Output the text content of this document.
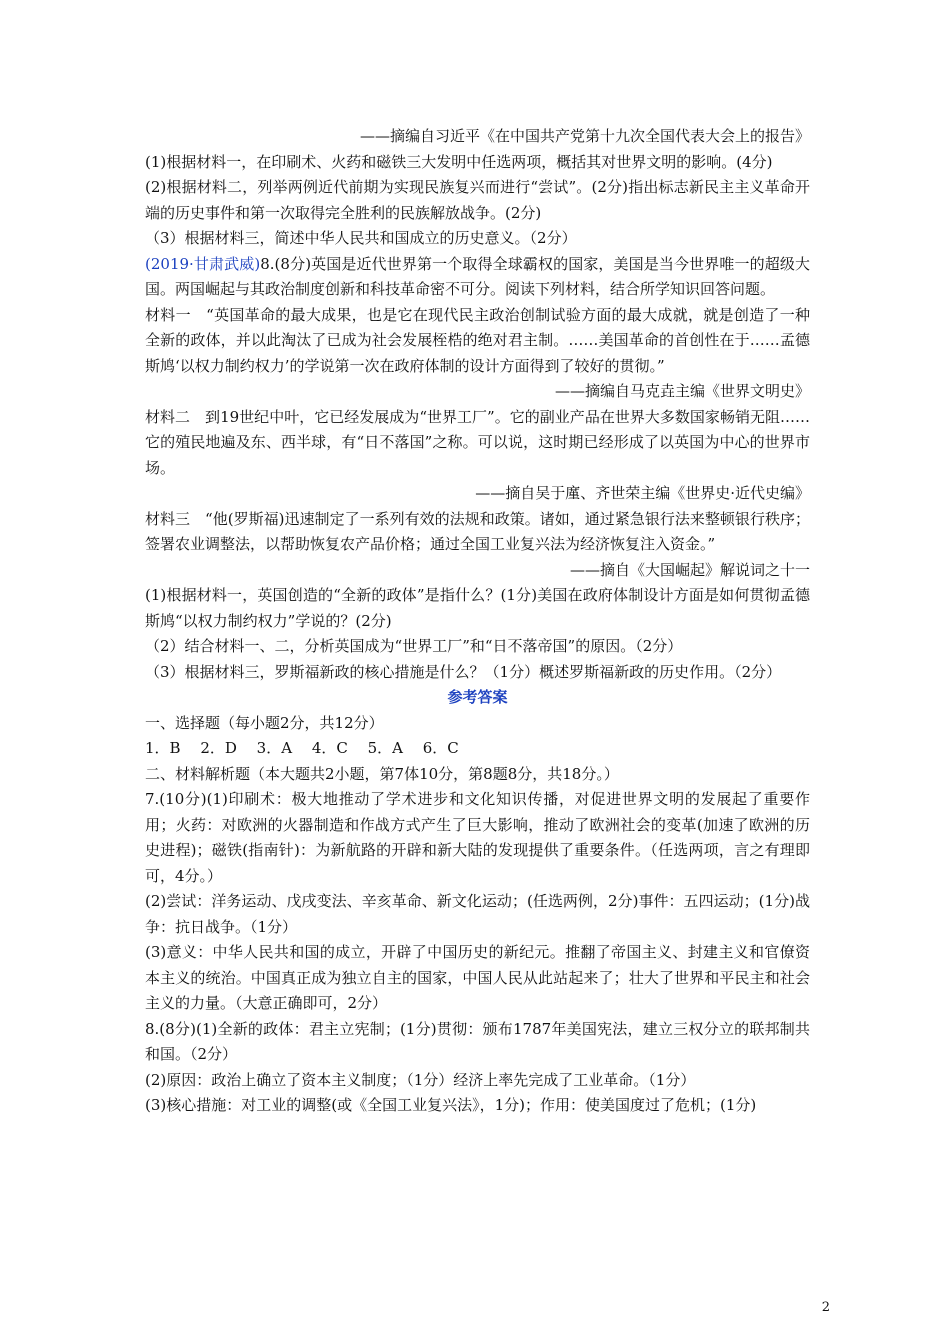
——摘编自习近平《在中国共产党第十九次全国代表大会上的报告》

(1)根据材料一，在印刷术、火药和磁铁三大发明中任选两项，概括其对世界文明的影响。(4分)

(2)根据材料二，列举两例近代前期为实现民族复兴而进行“尝试”。(2分)指出标志新民主主义革命开端的历史事件和第一次取得完全胜利的民族解放战争。(2分)

（3）根据材料三，简述中华人民共和国成立的历史意义。（2分）

(2019·甘肃武威)8.(8分)英国是近代世界第一个取得全球霸权的国家，美国是当今世界唯一的超级大国。两国崛起与其政治制度创新和科技革命密不可分。阅读下列材料，结合所学知识回答问题。

材料一　“英国革命的最大成果，也是它在现代民主政治创制试验方面的最大成就，就是创造了一种全新的政体，并以此淘汰了已成为社会发展桎梏的绝对君主制。……美国革命的首创性在于……孟德斯鸠‘以权力制约权力’的学说第一次在政府体制的设计方面得到了较好的贯彻。”

——摘编自马克垚主编《世界文明史》

材料二　到19世纪中叶，它已经发展成为“世界工厂”。它的副业产品在世界大多数国家畅销无阻……它的殖民地遍及东、西半球，有“日不落国”之称。可以说，这时期已经形成了以英国为中心的世界市场。

——摘自吴于廑、齐世荣主编《世界史·近代史编》

材料三　“他(罗斯福)迅速制定了一系列有效的法规和政策。诸如，通过紧急银行法来整顿银行秩序；签署农业调整法，以帮助恢复农产品价格；通过全国工业复兴法为经济恢复注入资金。”

——摘自《大国崛起》解说词之十一

(1)根据材料一，英国创造的“全新的政体”是指什么？(1分)美国在政府体制设计方面是如何贯彻孟德斯鸠“以权力制约权力”学说的？(2分)

（2）结合材料一、二，分析英国成为“世界工厂”和“日不落帝国”的原因。（2分）

（3）根据材料三，罗斯福新政的核心措施是什么？（1分）概述罗斯福新政的历史作用。（2分）

参考答案

一、选择题（每小题2分，共12分）

1．B　 2．D　 3．A　 4．C　 5．A　 6．C

二、材料解析题（本大题共2小题，第7体10分，第8题8分，共18分。）

7.(10分)(1)印刷术：极大地推动了学术进步和文化知识传播，对促进世界文明的发展起了重要作用；火药：对欧洲的火器制造和作战方式产生了巨大影响，推动了欧洲社会的变革(加速了欧洲的历史进程)；磁铁(指南针)：为新航路的开辟和新大陆的发现提供了重要条件。（任选两项，言之有理即可，4分。）

(2)尝试：洋务运动、戊戌变法、辛亥革命、新文化运动；(任选两例，2分)事件：五四运动；(1分)战争：抗日战争。（1分）

(3)意义：中华人民共和国的成立，开辟了中国历史的新纪元。推翻了帝国主义、封建主义和官僚资本主义的统治。中国真正成为独立自主的国家，中国人民从此站起来了；壮大了世界和平民主和社会主义的力量。（大意正确即可，2分）

8.(8分)(1)全新的政体：君主立宪制；(1分)贯彻：颁布1787年美国宪法，建立三权分立的联邦制共和国。（2分）

(2)原因：政治上确立了资本主义制度；（1分）经济上率先完成了工业革命。（1分）

(3)核心措施：对工业的调整(或《全国工业复兴法》，1分)；作用：使美国度过了危机；(1分)

2
